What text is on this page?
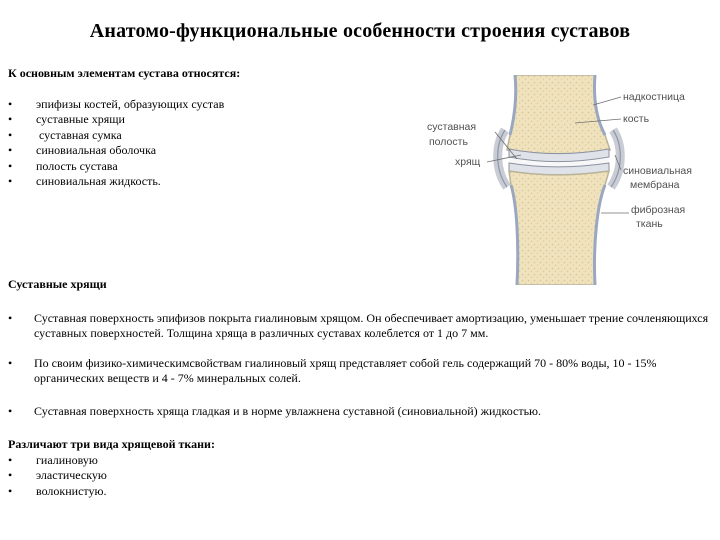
Анатомо-функциональные особенности строения суставов

К основным элементам сустава относятся:

• эпифизы костей, образующих сустав
• суставные хрящи
• суставная сумка
• синовиальная оболочка
• полость сустава
• синовиальная жидкость.
суставная
полость
хрящ
надкостница
кость
синовиальная
мембрана
фиброзная
ткань

Суставные хрящи

• Суставная поверхность эпифизов покрыта гиалиновым хрящом. Он обеспечивает амортизацию, уменьшает трение сочленяющихся суставных поверхностей. Толщина хряща в различных суставах колеблется от 1 до 7 мм.
• По своим физико-химическимсвойствам гиалиновый хрящ представляет собой гель содержащий 70 - 80% воды, 10 - 15% органических веществ и 4 - 7% минеральных солей.
• Суставная поверхность хряща гладкая и в норме увлажнена суставной (синовиальной) жидкостью.

Различают три вида хрящевой ткани:

• гиалиновую
• эластическую
• волокнистую.
